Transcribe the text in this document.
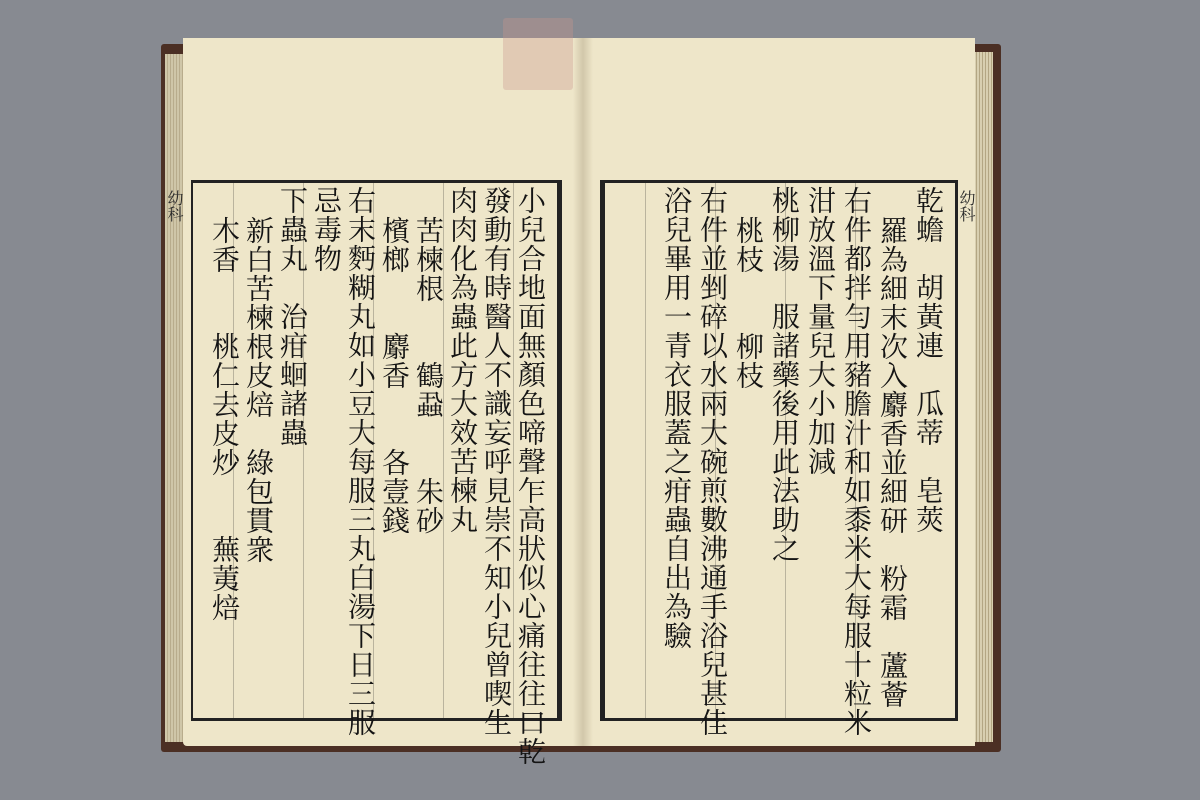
幼科	小兒合地面無顏色啼聲乍高狀似心痛往往口乾
發動有時醫人不識妄呼見崇不知小兒曾喫生
肉肉化為蟲此方大效苦楝丸
苦楝根　　鶴蝨　　朱砂
檳榔　　麝香　　各壹錢
右末麪糊丸如小豆大每服三丸白湯下日三服
忌毒物
下蟲丸　治疳蛔諸蟲
新白苦楝根皮焙　綠包貫衆
木香　　桃仁去皮炒　　蕪荑焙
幼科
乾蟾　胡黃連　瓜蒂　皂莢
羅為細末次入麝香並細研　粉霜　蘆薈
右件都拌勻用豬膽汁和如黍米大每服十粒米
泔放溫下量兒大小加減
桃柳湯　服諸藥後用此法助之
桃枝　　柳枝
右件並剉碎以水兩大碗煎數沸通手浴兒甚佳
浴兒畢用一青衣服蓋之疳蟲自出為驗
